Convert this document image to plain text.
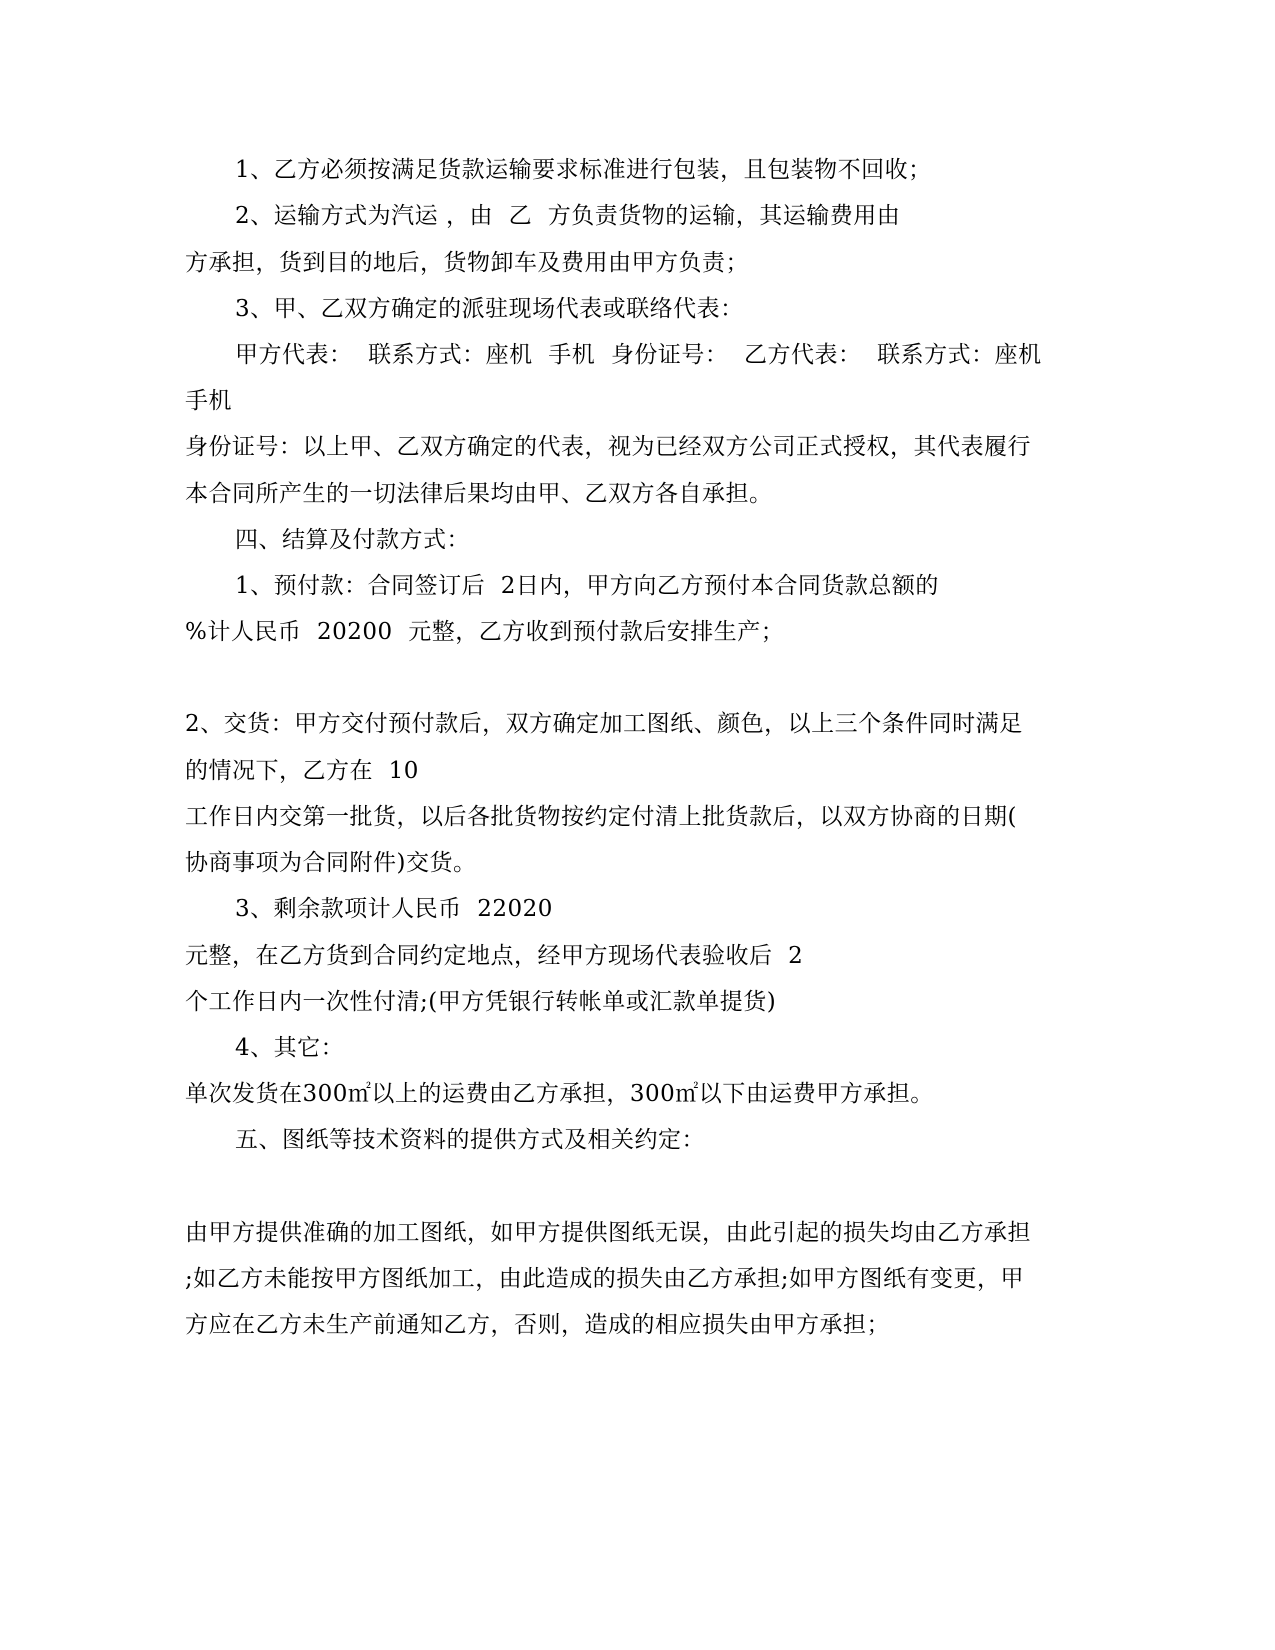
1、乙方必须按满足货款运输要求标准进行包装，且包装物不回收；
2、运输方式为汽运 ，由  乙  方负责货物的运输，其运输费用由
方承担，货到目的地后，货物卸车及费用由甲方负责；
3、甲、乙双方确定的派驻现场代表或联络代表：
甲方代表：  联系方式：座机  手机  身份证号：  乙方代表：  联系方式：座机
手机
身份证号：以上甲、乙双方确定的代表，视为已经双方公司正式授权，其代表履行
本合同所产生的一切法律后果均由甲、乙双方各自承担。
四、结算及付款方式：
1、预付款：合同签订后  2日内，甲方向乙方预付本合同货款总额的
%计人民币  20200  元整，乙方收到预付款后安排生产；
2、交货：甲方交付预付款后，双方确定加工图纸、颜色，以上三个条件同时满足
的情况下，乙方在  10
工作日内交第一批货，以后各批货物按约定付清上批货款后，以双方协商的日期(
协商事项为合同附件)交货。
3、剩余款项计人民币  22020
元整，在乙方货到合同约定地点，经甲方现场代表验收后  2
个工作日内一次性付清;(甲方凭银行转帐单或汇款单提货)
4、其它：
单次发货在300㎡以上的运费由乙方承担，300㎡以下由运费甲方承担。
五、图纸等技术资料的提供方式及相关约定：
由甲方提供准确的加工图纸，如甲方提供图纸无误，由此引起的损失均由乙方承担
;如乙方未能按甲方图纸加工，由此造成的损失由乙方承担;如甲方图纸有变更，甲
方应在乙方未生产前通知乙方，否则，造成的相应损失由甲方承担；
